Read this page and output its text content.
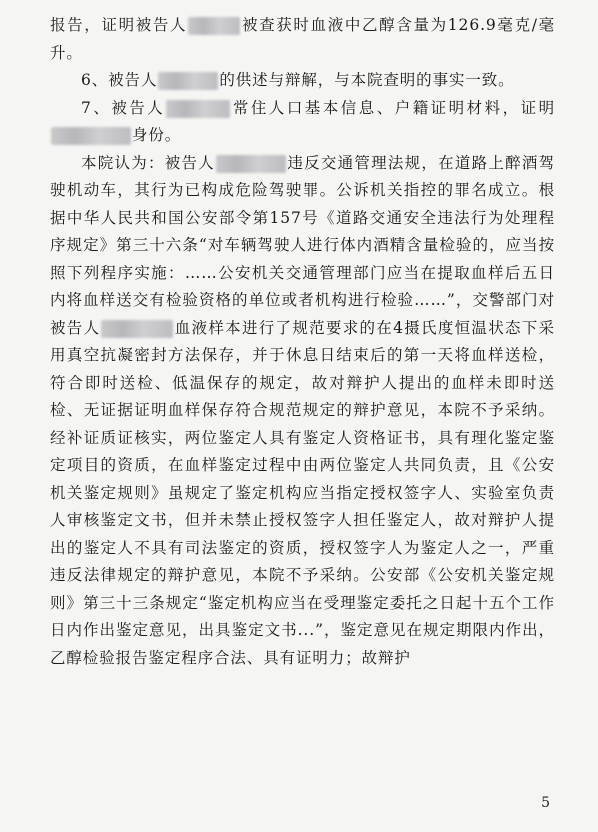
报告，证明被告人	被查获时血液中乙醇含量为126.9毫克/毫升。

6、被告人	的供述与辩解，与本院查明的事实一致。

7、被告人	常住人口基本信息、户籍证明材料，证明身份。

本院认为：被告人	违反交通管理法规，在道路上醉酒驾驶机动车，其行为已构成危险驾驶罪。公诉机关指控的罪名成立。根据中华人民共和国公安部令第157号《道路交通安全违法行为处理程序规定》第三十六条“对车辆驾驶人进行体内酒精含量检验的，应当按照下列程序实施：……公安机关交通管理部门应当在提取血样后五日内将血样送交有检验资格的单位或者机构进行检验……”，交警部门对被告人	血液样本进行了规范要求的在4摄氏度恒温状态下采用真空抗凝密封方法保存，并于休息日结束后的第一天将血样送检，符合即时送检、低温保存的规定，故对辩护人提出的血样未即时送检、无证据证明血样保存符合规范规定的辩护意见，本院不予采纳。经补证质证核实，两位鉴定人具有鉴定人资格证书，具有理化鉴定鉴定项目的资质，在血样鉴定过程中由两位鉴定人共同负责，且《公安机关鉴定规则》虽规定了鉴定机构应当指定授权签字人、实验室负责人审核鉴定文书，但并未禁止授权签字人担任鉴定人，故对辩护人提出的鉴定人不具有司法鉴定的资质，授权签字人为鉴定人之一，严重违反法律规定的辩护意见，本院不予采纳。公安部《公安机关鉴定规则》第三十三条规定“鉴定机构应当在受理鉴定委托之日起十五个工作日内作出鉴定意见，出具鉴定文书...”，鉴定意见在规定期限内作出，乙醇检验报告鉴定程序合法、具有证明力；故辩护

5
